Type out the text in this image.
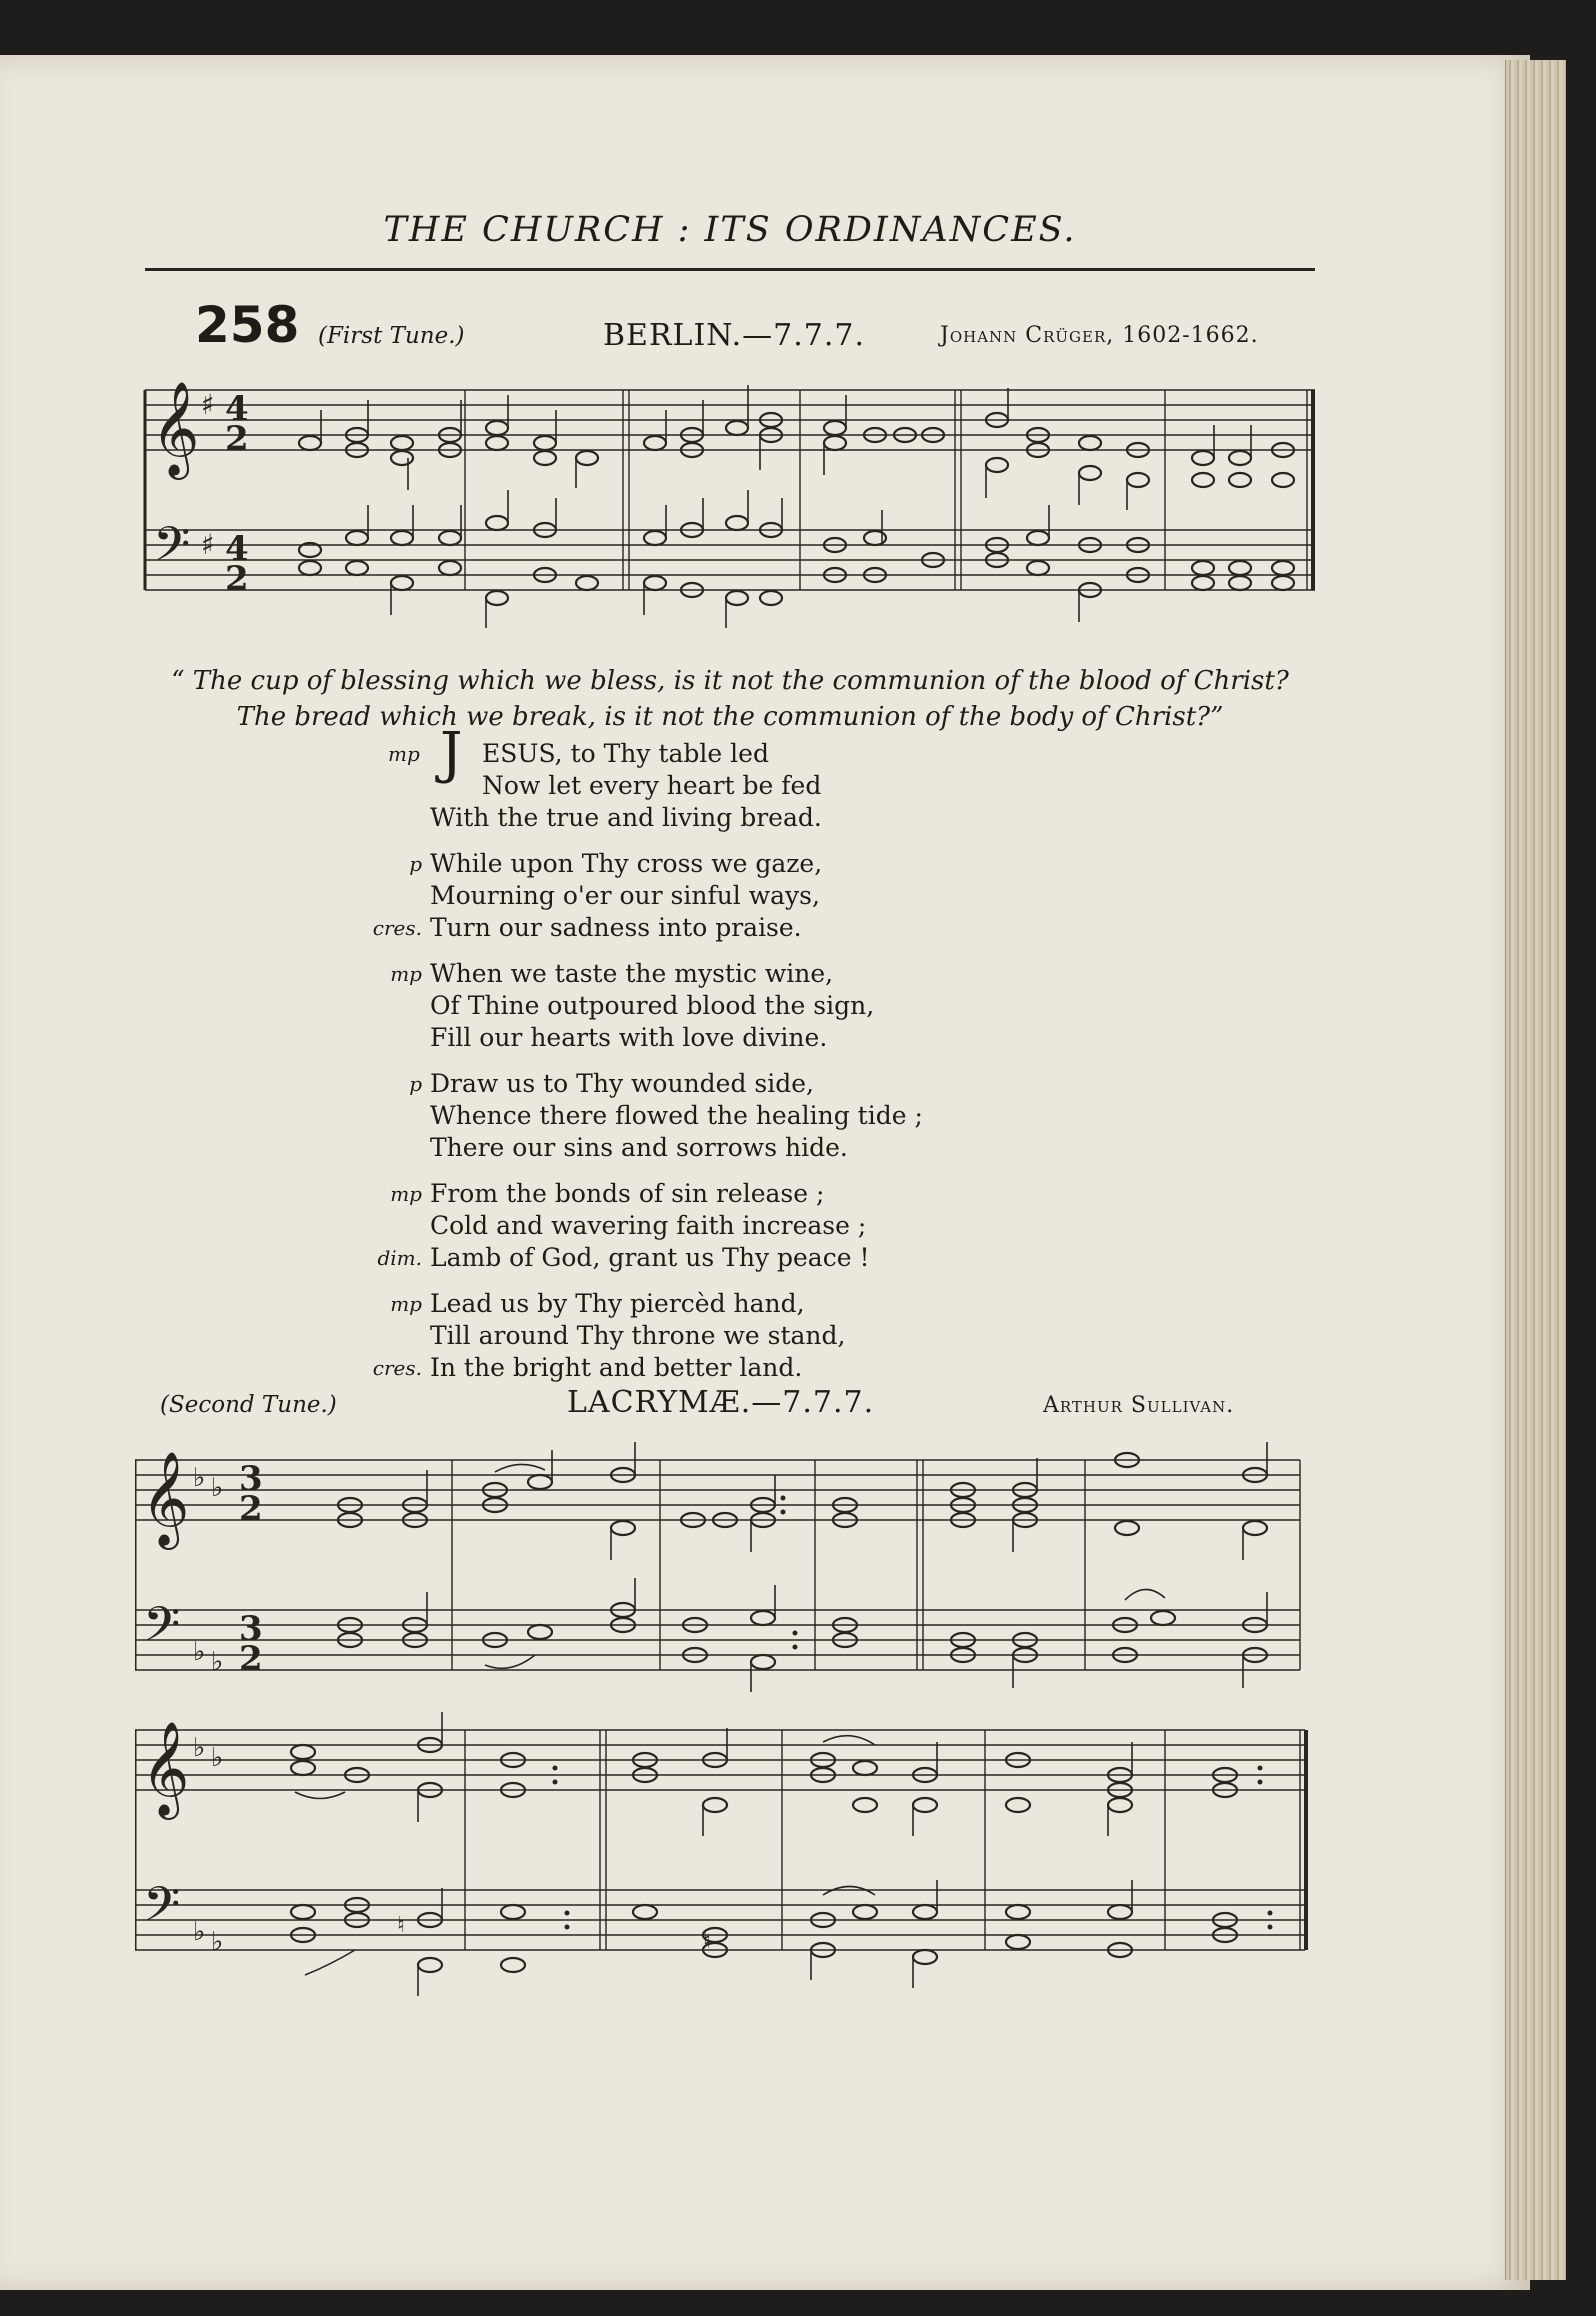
THE CHURCH : ITS ORDINANCES.
258 (First Tune.)	BERLIN.—7.7.7.	Johann Crüger, 1602-1662.
𝄞 ♯ 4
2
𝄢 ♯ 4
2
“ The cup of blessing which we bless, is it not the communion of the blood of Christ?
The bread which we break, is it not the communion of the body of Christ?”
mp J ESUS, to Thy table led
Now let every heart be fed
With the true and living bread.
p While upon Thy cross we gaze,
Mourning o'er our sinful ways,
cres. Turn our sadness into praise.
mp When we taste the mystic wine,
Of Thine outpoured blood the sign,
Fill our hearts with love divine.
p Draw us to Thy wounded side,
Whence there flowed the healing tide ;
There our sins and sorrows hide.
mp From the bonds of sin release ;
Cold and wavering faith increase ;
dim. Lamb of God, grant us Thy peace !
mp Lead us by Thy piercèd hand,
Till around Thy throne we stand,
cres. In the bright and better land.
(Second Tune.)	LACRYMÆ.—7.7.7.	Arthur Sullivan.
𝄞 ♭ ♭ 3
2
𝄢 ♭ ♭
3
2
𝄞 ♭ ♭
𝄢 ♭ ♭
♮
♮
